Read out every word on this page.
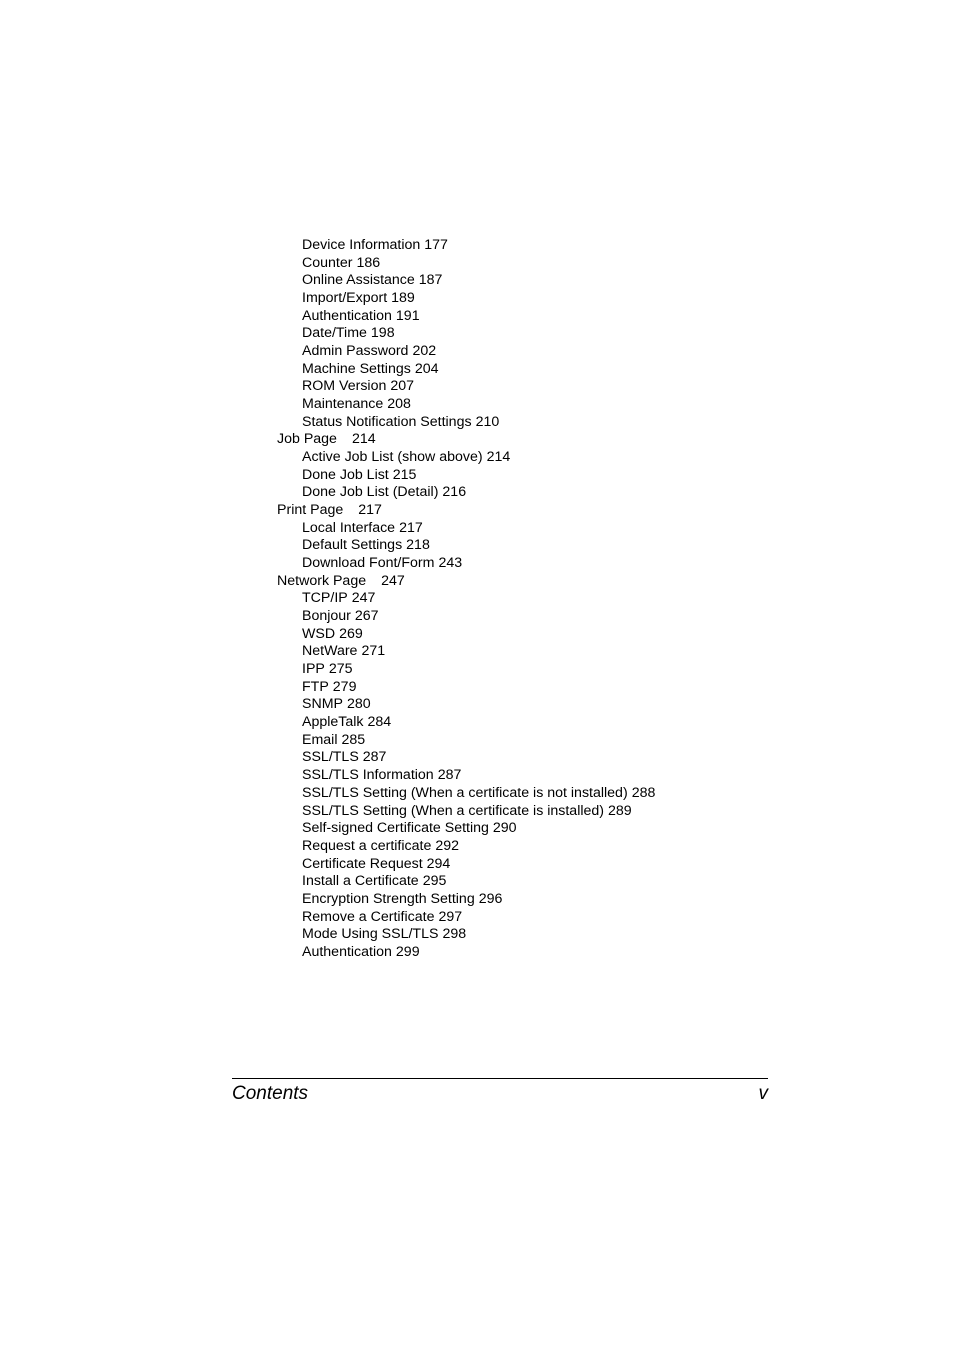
Device Information 177
Counter 186
Online Assistance 187
Import/Export 189
Authentication 191
Date/Time 198
Admin Password 202
Machine Settings 204
ROM Version 207
Maintenance 208
Status Notification Settings 210
Job Page 214
Active Job List (show above) 214
Done Job List 215
Done Job List (Detail) 216
Print Page 217
Local Interface 217
Default Settings 218
Download Font/Form 243
Network Page 247
TCP/IP 247
Bonjour 267
WSD 269
NetWare 271
IPP 275
FTP 279
SNMP 280
AppleTalk 284
Email 285
SSL/TLS 287
SSL/TLS Information 287
SSL/TLS Setting (When a certificate is not installed) 288
SSL/TLS Setting (When a certificate is installed) 289
Self-signed Certificate Setting 290
Request a certificate 292
Certificate Request 294
Install a Certificate 295
Encryption Strength Setting 296
Remove a Certificate 297
Mode Using SSL/TLS 298
Authentication 299
Contents	v
